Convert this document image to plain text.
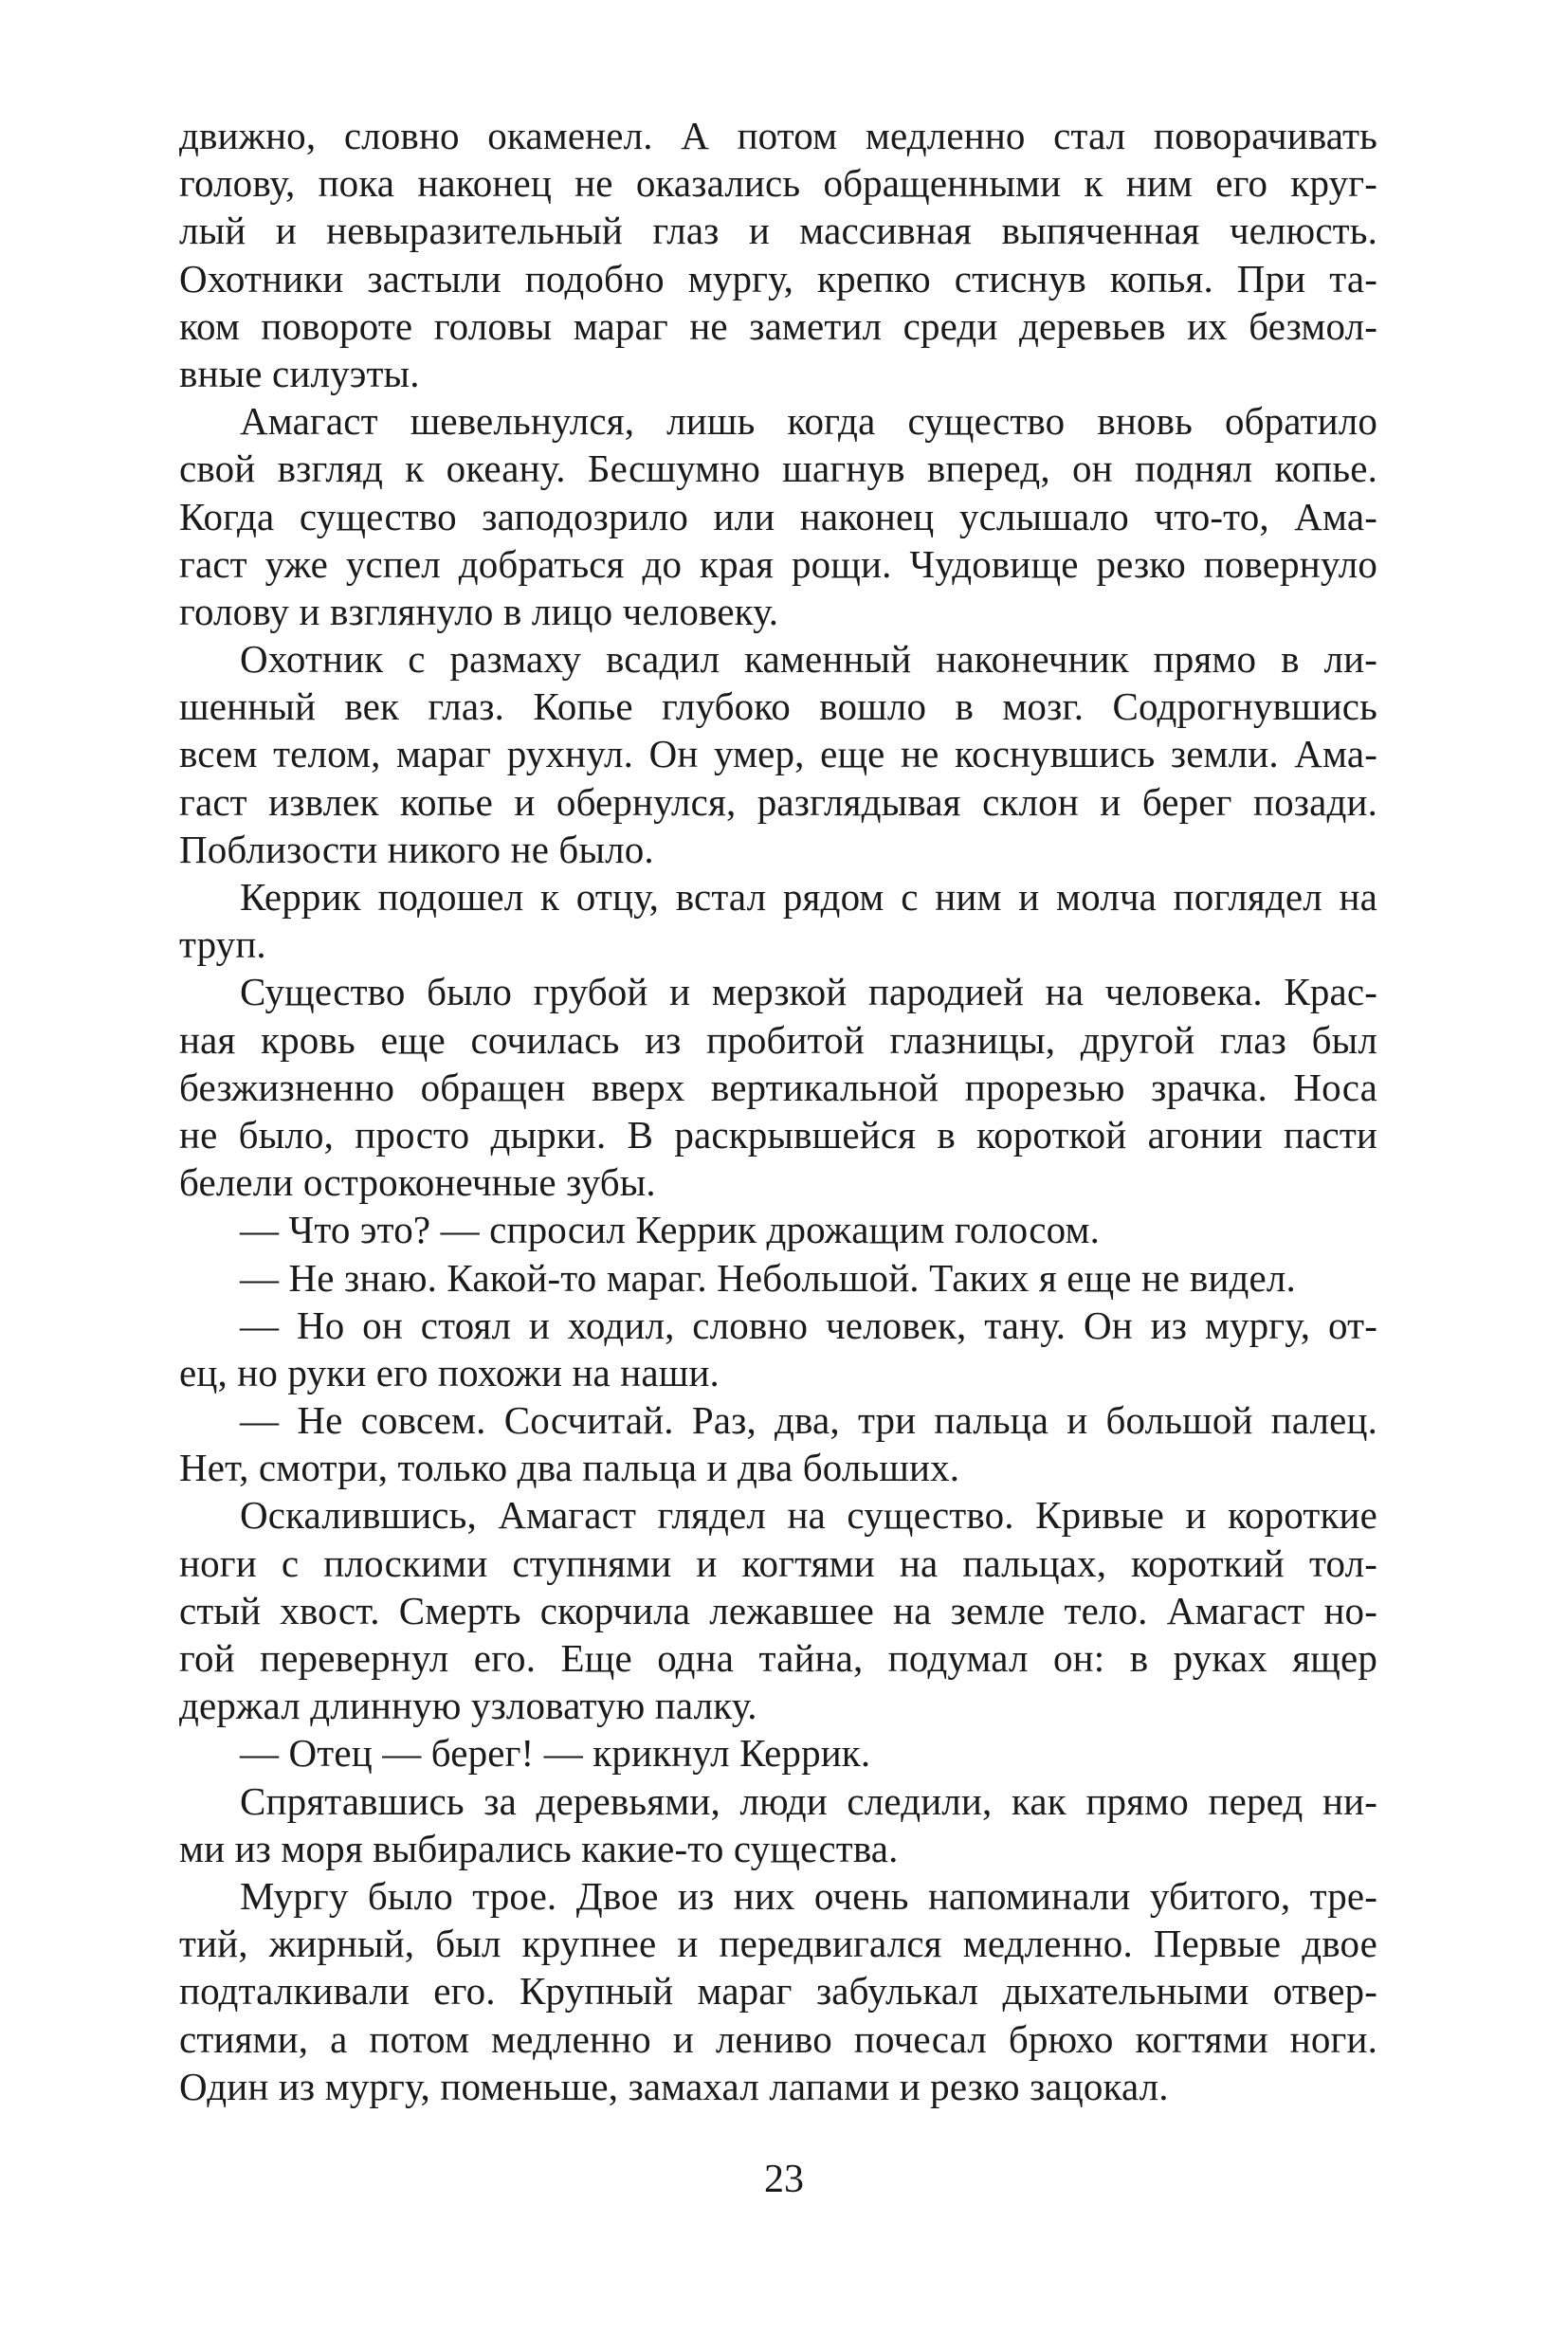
движно, словно окаменел. А потом медленно стал поворачивать
голову, пока наконец не оказались обращенными к ним его круг-
лый и невыразительный глаз и массивная выпяченная челюсть.
Охотники застыли подобно мургу, крепко стиснув копья. При та-
ком повороте головы мараг не заметил среди деревьев их безмол-
вные силуэты.
Амагаст шевельнулся, лишь когда существо вновь обратило
свой взгляд к океану. Бесшумно шагнув вперед, он поднял копье.
Когда существо заподозрило или наконец услышало что-то, Ама-
гаст уже успел добраться до края рощи. Чудовище резко повернуло
голову и взглянуло в лицо человеку.
Охотник с размаху всадил каменный наконечник прямо в ли-
шенный век глаз. Копье глубоко вошло в мозг. Содрогнувшись
всем телом, мараг рухнул. Он умер, еще не коснувшись земли. Ама-
гаст извлек копье и обернулся, разглядывая склон и берег позади.
Поблизости никого не было.
Керрик подошел к отцу, встал рядом с ним и молча поглядел на
труп.
Существо было грубой и мерзкой пародией на человека. Крас-
ная кровь еще сочилась из пробитой глазницы, другой глаз был
безжизненно обращен вверх вертикальной прорезью зрачка. Носа
не было, просто дырки. В раскрывшейся в короткой агонии пасти
белели остроконечные зубы.
— Что это? — спросил Керрик дрожащим голосом.
— Не знаю. Какой-то мараг. Небольшой. Таких я еще не видел.
— Но он стоял и ходил, словно человек, тану. Он из мургу, от-
ец, но руки его похожи на наши.
— Не совсем. Сосчитай. Раз, два, три пальца и большой палец.
Нет, смотри, только два пальца и два больших.
Оскалившись, Амагаст глядел на существо. Кривые и короткие
ноги с плоскими ступнями и когтями на пальцах, короткий тол-
стый хвост. Смерть скорчила лежавшее на земле тело. Амагаст но-
гой перевернул его. Еще одна тайна, подумал он: в руках ящер
держал длинную узловатую палку.
— Отец — берег! — крикнул Керрик.
Спрятавшись за деревьями, люди следили, как прямо перед ни-
ми из моря выбирались какие-то существа.
Мургу было трое. Двое из них очень напоминали убитого, тре-
тий, жирный, был крупнее и передвигался медленно. Первые двое
подталкивали его. Крупный мараг забулькал дыхательными отвер-
стиями, а потом медленно и лениво почесал брюхо когтями ноги.
Один из мургу, поменьше, замахал лапами и резко зацокал.
23
